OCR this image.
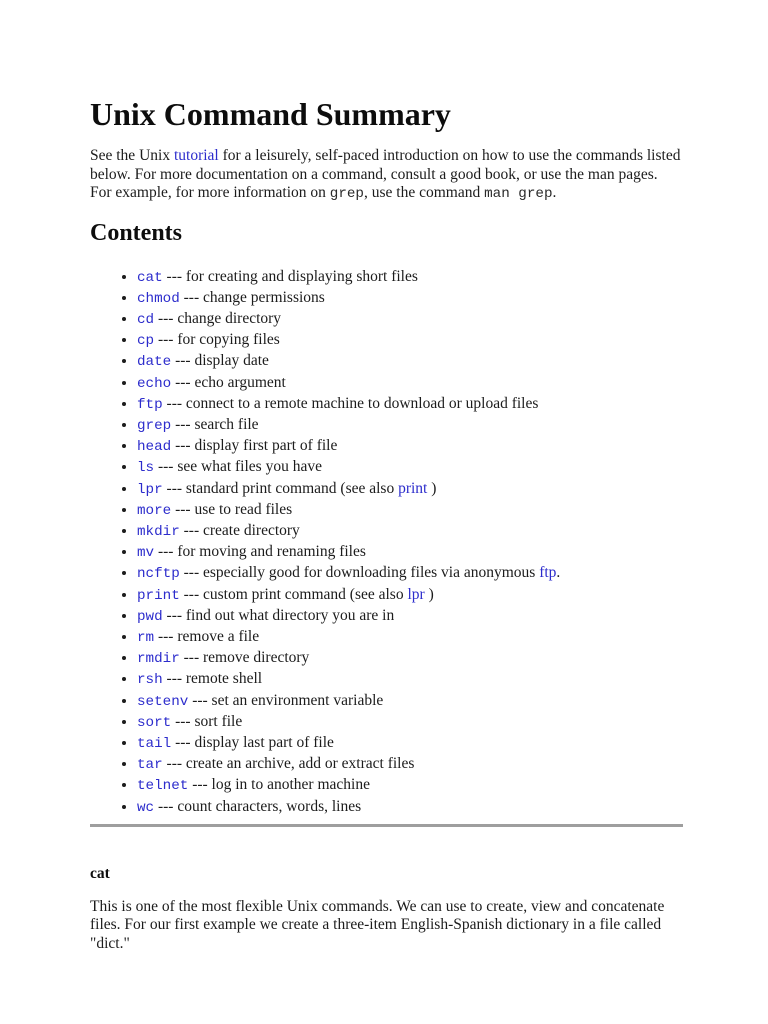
Unix Command Summary

See the Unix tutorial for a leisurely, self-paced introduction on how to use the commands listed below. For more documentation on a command, consult a good book, or use the man pages. For example, for more information on grep, use the command man grep.

Contents
• cat --- for creating and displaying short files
• chmod --- change permissions
• cd --- change directory
• cp --- for copying files
• date --- display date
• echo --- echo argument
• ftp --- connect to a remote machine to download or upload files
• grep --- search file
• head --- display first part of file
• ls --- see what files you have
• lpr --- standard print command (see also print )
• more --- use to read files
• mkdir --- create directory
• mv --- for moving and renaming files
• ncftp --- especially good for downloading files via anonymous ftp.
• print --- custom print command (see also lpr )
• pwd --- find out what directory you are in
• rm --- remove a file
• rmdir --- remove directory
• rsh --- remote shell
• setenv --- set an environment variable
• sort --- sort file
• tail --- display last part of file
• tar --- create an archive, add or extract files
• telnet --- log in to another machine
• wc --- count characters, words, lines
cat

This is one of the most flexible Unix commands. We can use to create, view and concatenate files. For our first example we create a three-item English-Spanish dictionary in a file called "dict."
